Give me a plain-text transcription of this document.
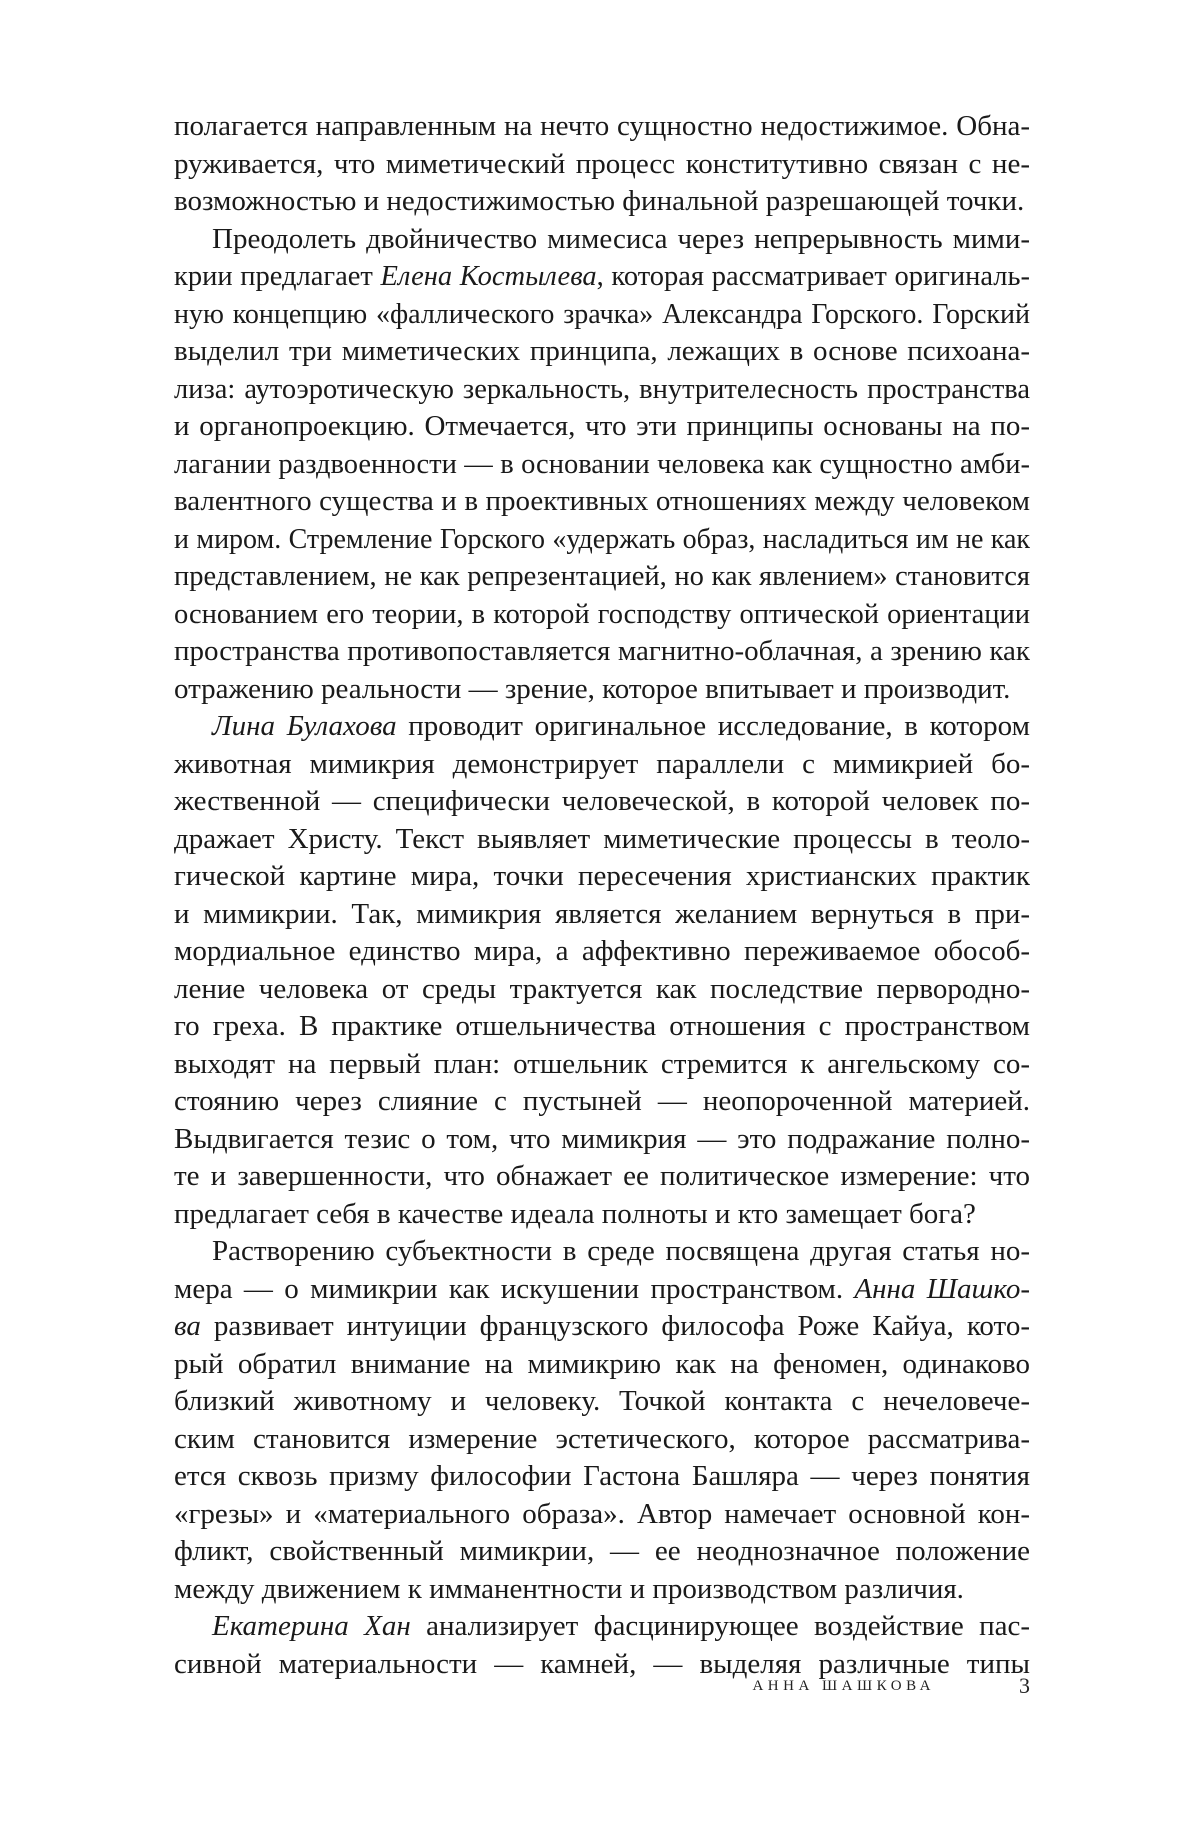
полагается направленным на нечто сущностно недостижимое. Обна-
руживается, что миметический процесс конститутивно связан с не-
возможностью и недостижимостью финальной разрешающей точки.
Преодолеть двойничество мимесиса через непрерывность мими-
крии предлагает Елена Костылева, которая рассматривает оригиналь-
ную концепцию «фаллического зрачка» Александра Горского. Горский
выделил три миметических принципа, лежащих в основе психоана-
лиза: аутоэротическую зеркальность, внутрителесность пространства
и органопроекцию. Отмечается, что эти принципы основаны на по-
лагании раздвоенности — в основании человека как сущностно амби-
валентного существа и в проективных отношениях между человеком
и миром. Стремление Горского «удержать образ, насладиться им не как
представлением, не как репрезентацией, но как явлением» становится
основанием его теории, в которой господству оптической ориентации
пространства противопоставляется магнитно-облачная, а зрению как
отражению реальности — зрение, которое впитывает и производит.
Лина Булахова проводит оригинальное исследование, в котором
животная мимикрия демонстрирует параллели с мимикрией бо-
жественной — специфически человеческой, в которой человек по-
дражает Христу. Текст выявляет миметические процессы в теоло-
гической картине мира, точки пересечения христианских практик
и мимикрии. Так, мимикрия является желанием вернуться в при-
мордиальное единство мира, а аффективно переживаемое обособ-
ление человека от среды трактуется как последствие первородно-
го греха. В практике отшельничества отношения с пространством
выходят на первый план: отшельник стремится к ангельскому со-
стоянию через слияние с пустыней — неопороченной материей.
Выдвигается тезис о том, что мимикрия — это подражание полно-
те и завершенности, что обнажает ее политическое измерение: что
предлагает себя в качестве идеала полноты и кто замещает бога?
Растворению субъектности в среде посвящена другая статья но-
мера — о мимикрии как искушении пространством. Анна Шашко-
ва развивает интуиции французского философа Роже Кайуа, кото-
рый обратил внимание на мимикрию как на феномен, одинаково
близкий животному и человеку. Точкой контакта с нечеловече-
ским становится измерение эстетического, которое рассматрива-
ется сквозь призму философии Гастона Башляра — через понятия
«грезы» и «материального образа». Автор намечает основной кон-
фликт, свойственный мимикрии, — ее неоднозначное положение
между движением к имманентности и производством различия.
Екатерина Хан анализирует фасцинирующее воздействие пас-
сивной материальности — камней, — выделяя различные типы
АННА ШАШКОВА	3
